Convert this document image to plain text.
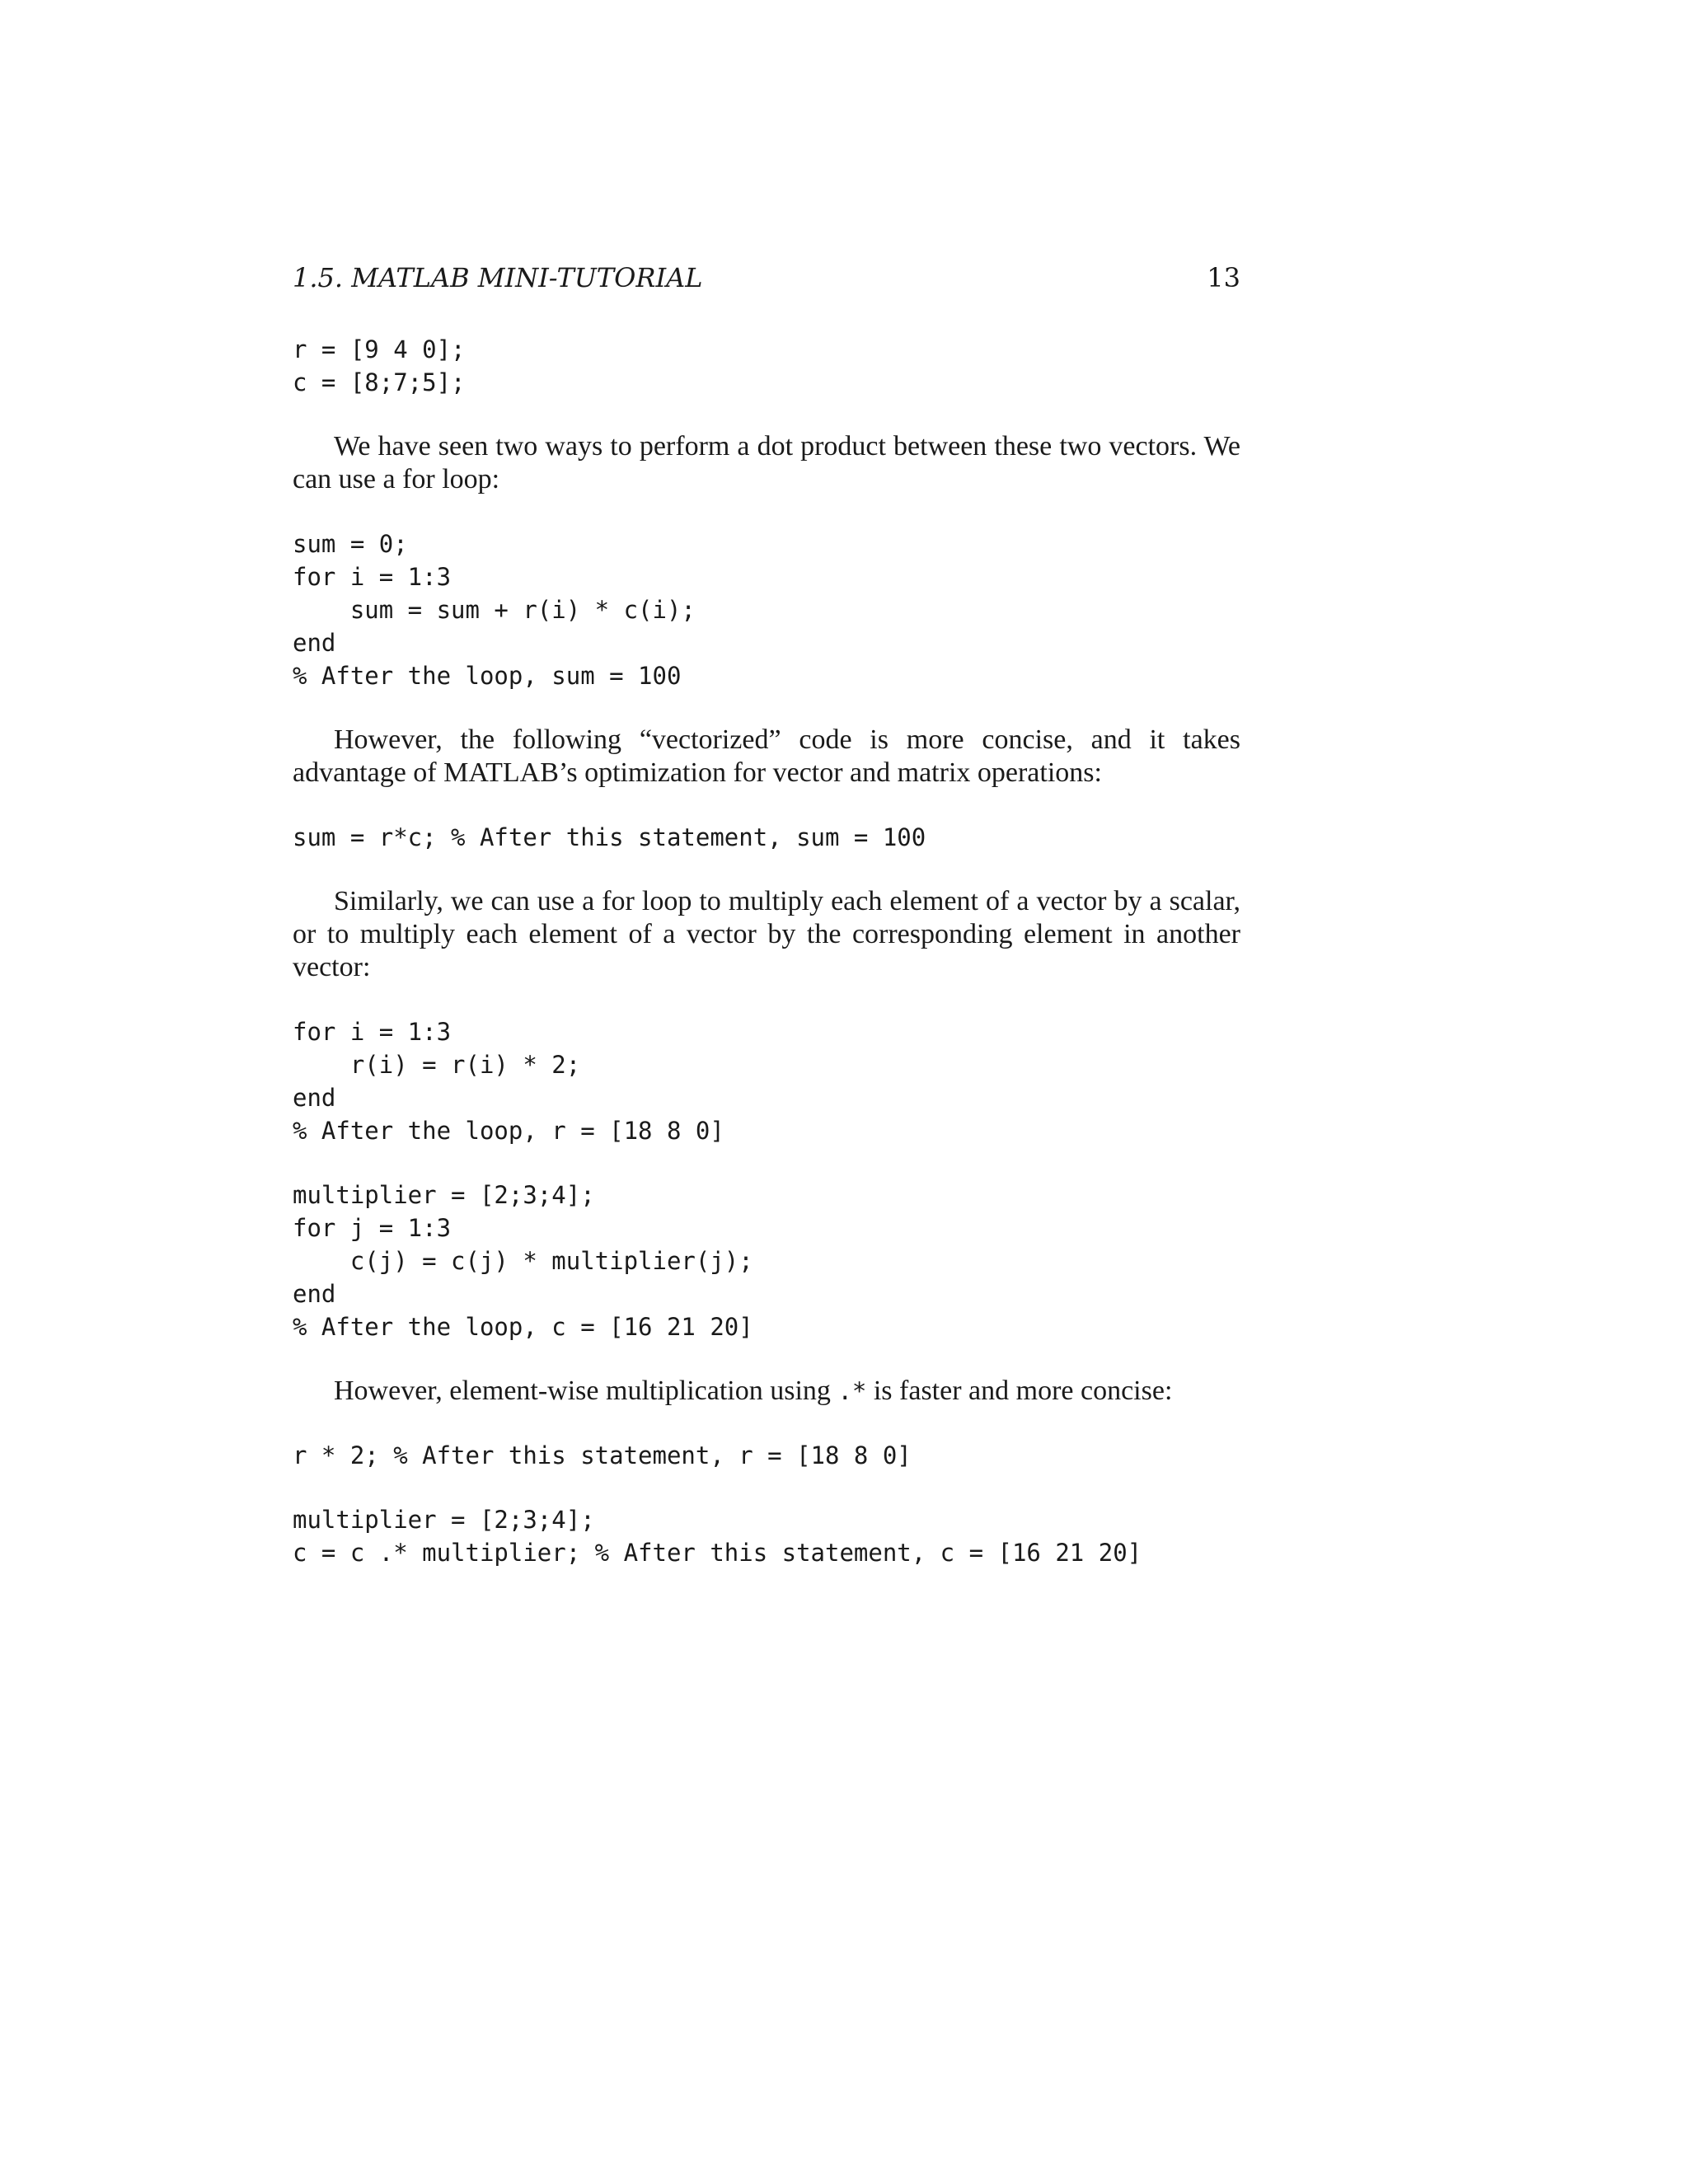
1.5. MATLAB MINI-TUTORIAL	13
r = [9 4 0];
c = [8;7;5];

We have seen two ways to perform a dot product between these two vectors. We can use a for loop:

sum = 0;
for i = 1:3
sum = sum + r(i) * c(i);
end
% After the loop, sum = 100

However, the following “vectorized” code is more concise, and it takes advantage of MATLAB’s optimization for vector and matrix operations:

sum = r*c; % After this statement, sum = 100

Similarly, we can use a for loop to multiply each element of a vector by a scalar, or to multiply each element of a vector by the corresponding element in another vector:

for i = 1:3
r(i) = r(i) * 2;
end
% After the loop, r = [18 8 0]
multiplier = [2;3;4];
for j = 1:3
c(j) = c(j) * multiplier(j);
end
% After the loop, c = [16 21 20]

However, element-wise multiplication using .* is faster and more concise:

r * 2; % After this statement, r = [18 8 0]
multiplier = [2;3;4];
c = c .* multiplier; % After this statement, c = [16 21 20]
